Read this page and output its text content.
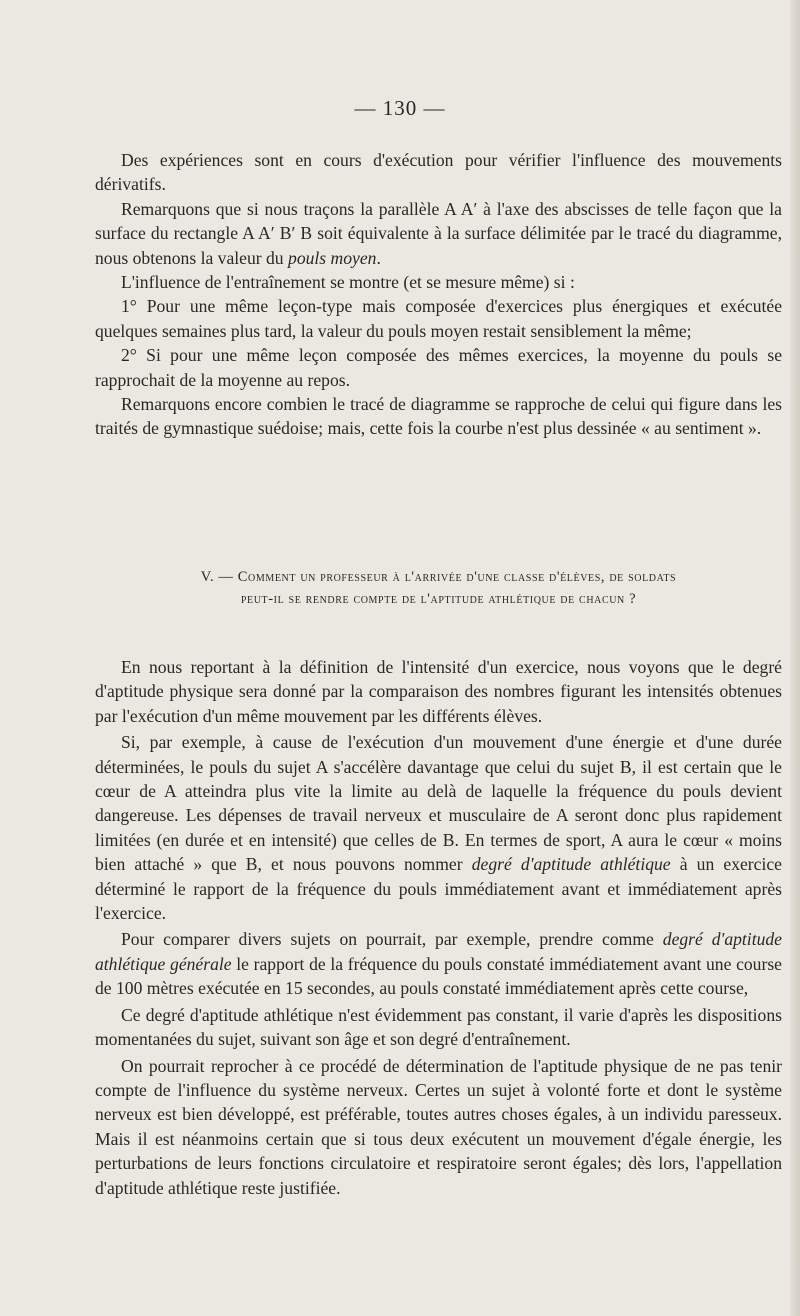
— 130 —

Des expériences sont en cours d'exécution pour vérifier l'influence des mouvements dérivatifs.

Remarquons que si nous traçons la parallèle A A′ à l'axe des abscisses de telle façon que la surface du rectangle A A′ B′ B soit équivalente à la surface délimitée par le tracé du diagramme, nous obtenons la valeur du pouls moyen.

L'influence de l'entraînement se montre (et se mesure même) si :

1° Pour une même leçon-type mais composée d'exercices plus énergiques et exécutée quelques semaines plus tard, la valeur du pouls moyen restait sensiblement la même;

2° Si pour une même leçon composée des mêmes exercices, la moyenne du pouls se rapprochait de la moyenne au repos.

Remarquons encore combien le tracé de diagramme se rapproche de celui qui figure dans les traités de gymnastique suédoise; mais, cette fois la courbe n'est plus dessinée « au sentiment ».

V. — Comment un professeur à l'arrivée d'une classe d'élèves, de soldats
peut-il se rendre compte de l'aptitude athlétique de chacun ?

En nous reportant à la définition de l'intensité d'un exercice, nous voyons que le degré d'aptitude physique sera donné par la comparaison des nombres figurant les intensités obtenues par l'exécution d'un même mouvement par les différents élèves.

Si, par exemple, à cause de l'exécution d'un mouvement d'une énergie et d'une durée déterminées, le pouls du sujet A s'accélère davantage que celui du sujet B, il est certain que le cœur de A atteindra plus vite la limite au delà de laquelle la fréquence du pouls devient dangereuse. Les dépenses de travail nerveux et musculaire de A seront donc plus rapidement limitées (en durée et en intensité) que celles de B. En termes de sport, A aura le cœur « moins bien attaché » que B, et nous pouvons nommer degré d'aptitude athlétique à un exercice déterminé le rapport de la fréquence du pouls immédiatement avant et immédiatement après l'exercice.

Pour comparer divers sujets on pourrait, par exemple, prendre comme degré d'aptitude athlétique générale le rapport de la fréquence du pouls constaté immédiatement avant une course de 100 mètres exécutée en 15 secondes, au pouls constaté immédiatement après cette course,

Ce degré d'aptitude athlétique n'est évidemment pas constant, il varie d'après les dispositions momentanées du sujet, suivant son âge et son degré d'entraînement.

On pourrait reprocher à ce procédé de détermination de l'aptitude physique de ne pas tenir compte de l'influence du système nerveux. Certes un sujet à volonté forte et dont le système nerveux est bien développé, est préférable, toutes autres choses égales, à un individu paresseux. Mais il est néanmoins certain que si tous deux exécutent un mouvement d'égale énergie, les perturbations de leurs fonctions circulatoire et respiratoire seront égales; dès lors, l'appellation d'aptitude athlétique reste justifiée.
